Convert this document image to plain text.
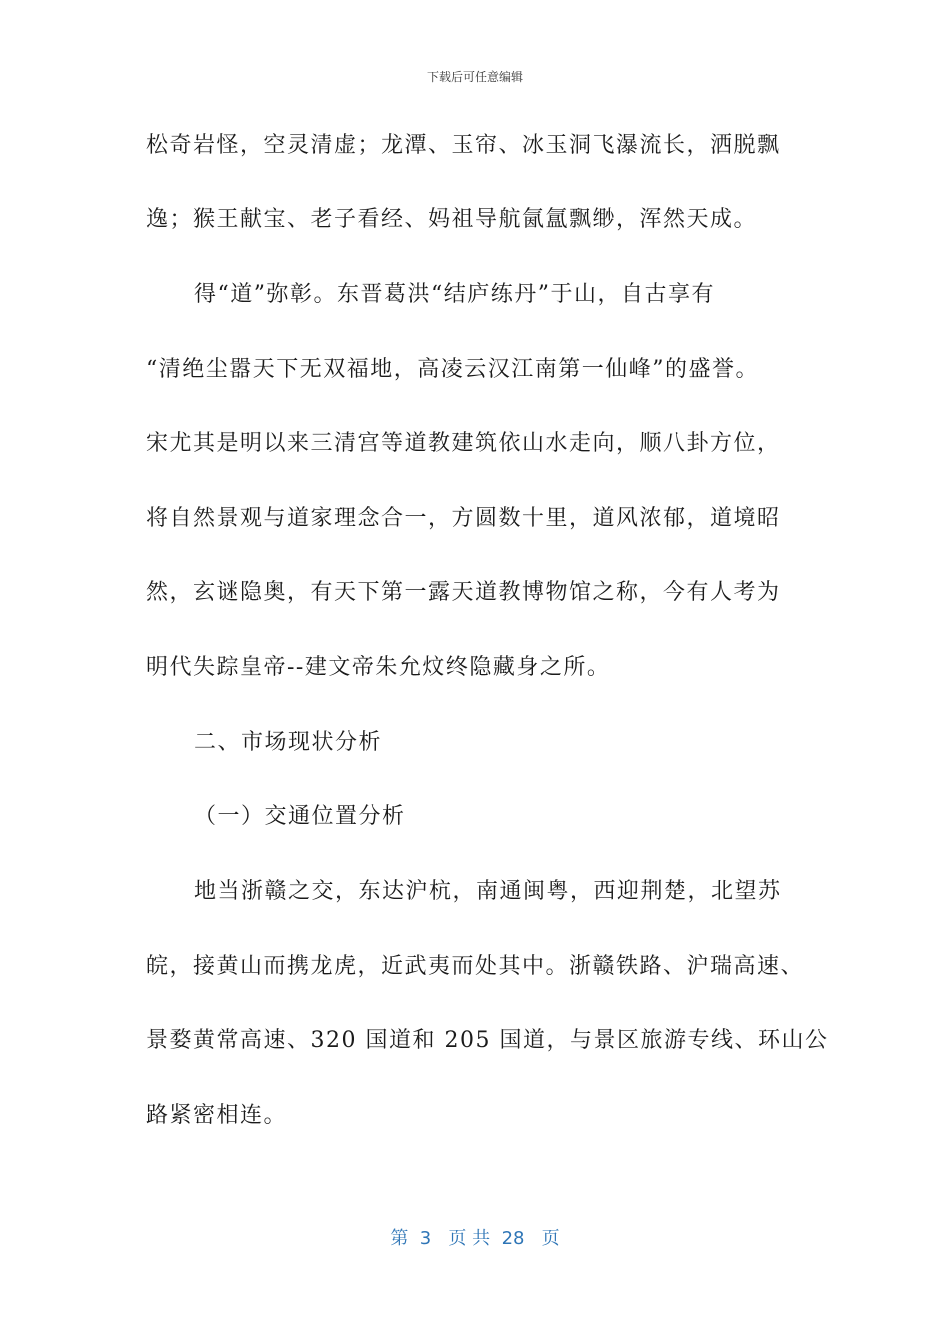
下载后可任意编辑
松奇岩怪，空灵清虚；龙潭、玉帘、冰玉洞飞瀑流长，洒脱飘
逸；猴王献宝、老子看经、妈祖导航氤氲飘缈，浑然天成。
得“道”弥彰。东晋葛洪“结庐练丹”于山，自古享有
“清绝尘嚣天下无双福地，高凌云汉江南第一仙峰”的盛誉。
宋尤其是明以来三清宫等道教建筑依山水走向，顺八卦方位，
将自然景观与道家理念合一，方圆数十里，道风浓郁，道境昭
然，玄谜隐奥，有天下第一露天道教博物馆之称，今有人考为
明代失踪皇帝--建文帝朱允炆终隐藏身之所。
二、市场现状分析
（一）交通位置分析
地当浙赣之交，东达沪杭，南通闽粤，西迎荆楚，北望苏
皖，接黄山而携龙虎，近武夷而处其中。浙赣铁路、沪瑞高速、
景婺黄常高速、320 国道和 205 国道，与景区旅游专线、环山公
路紧密相连。
第  3   页 共  28   页
